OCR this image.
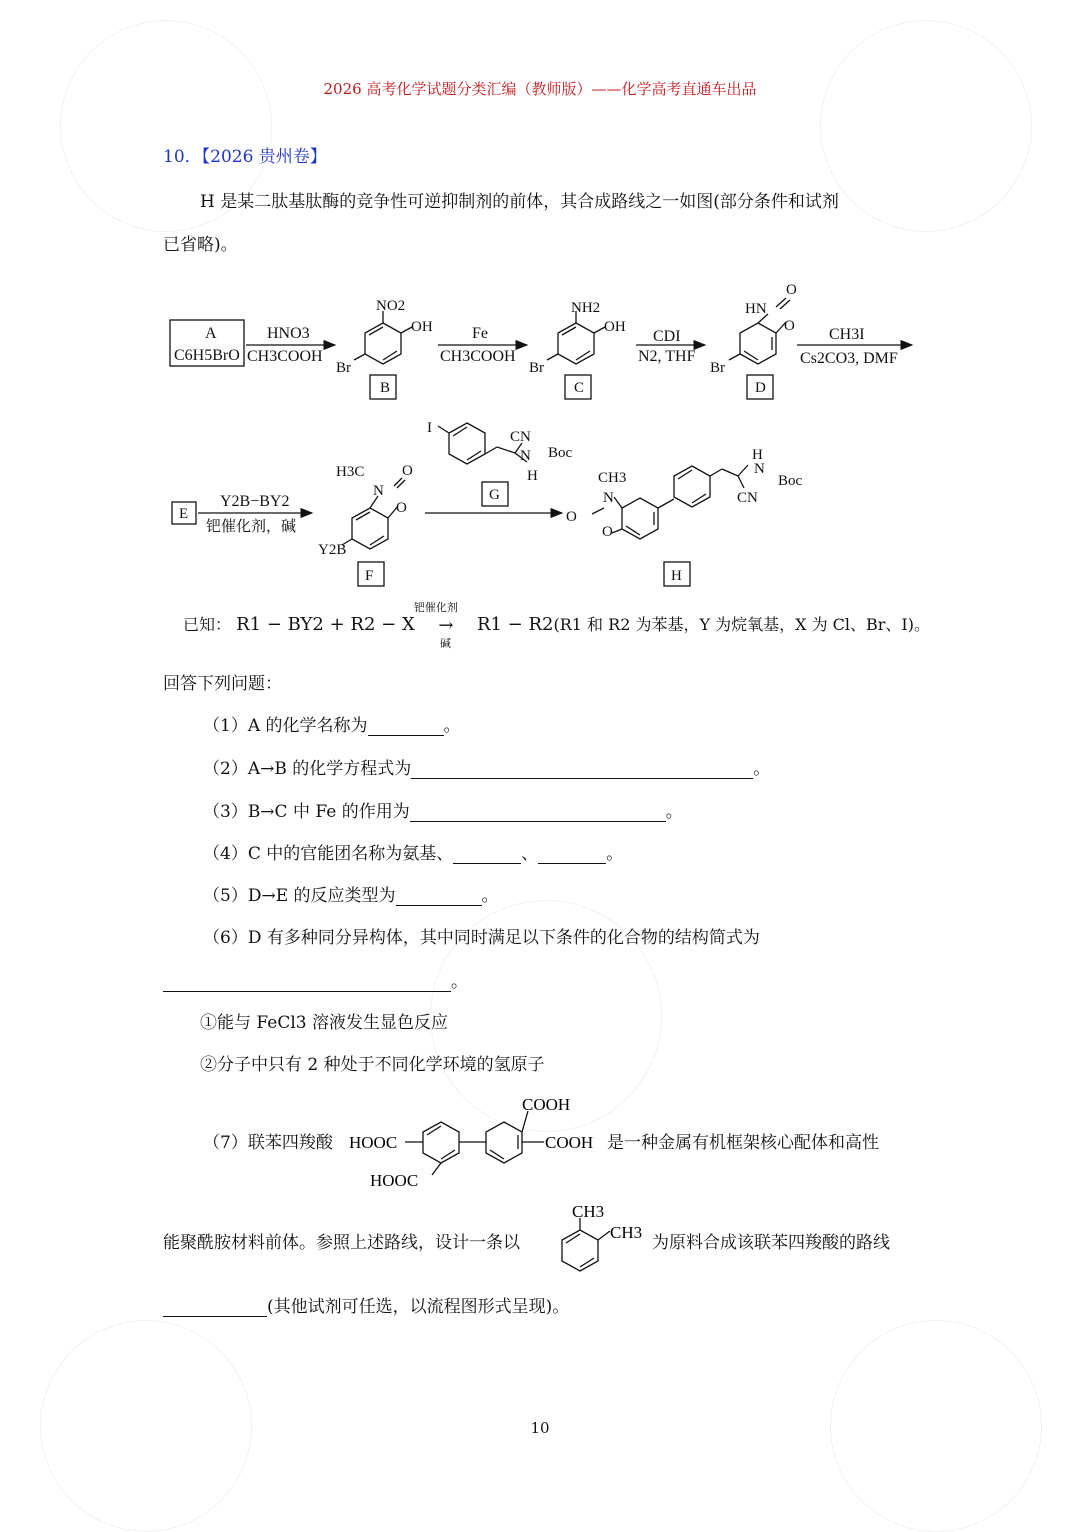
2026 高考化学试题分类汇编（教师版）——化学高考直通车出品
10．【2026 贵州卷】
H 是某二肽基肽酶的竞争性可逆抑制剂的前体，其合成路线之一如图(部分条件和试剂
已省略)。
A
C6H5BrO
HNO3
CH3COOH
Fe
CH3COOH
CDI
N2, THF
CH3I
Cs2CO3, DMF
NO2
OH
Br
NH2
OH
Br
HN
O
O
Br
B	C	D
E
Y2B−BY2
钯催化剂，碱
H3C
N
O
O
Y2B
F
I
CN
N Boc
H
G
CH3
N
O
O
H
N
Boc
CN
H
已知： R1 − BY2 + R2 − X
钯催化剂
→
碱
R1 − R2(R1 和 R2 为苯基，Y 为烷氧基，X 为 Cl、Br、I)。
回答下列问题：
（1）A 的化学名称为	。
（2）A→B 的化学方程式为	。
（3）B→C 中 Fe 的作用为	。
（4）C 中的官能团名称为氨基、	、	。
（5）D→E 的反应类型为	。
（6）D 有多种同分异构体，其中同时满足以下条件的化合物的结构简式为
。
①能与 FeCl3 溶液发生显色反应
②分子中只有 2 种处于不同化学环境的氢原子
（7）联苯四羧酸 HOOC
COOH
COOH
HOOC
是一种金属有机框架核心配体和高性
能聚酰胺材料前体。参照上述路线，设计一条以
CH3
CH3
为原料合成该联苯四羧酸的路线
(其他试剂可任选，以流程图形式呈现)。
10
